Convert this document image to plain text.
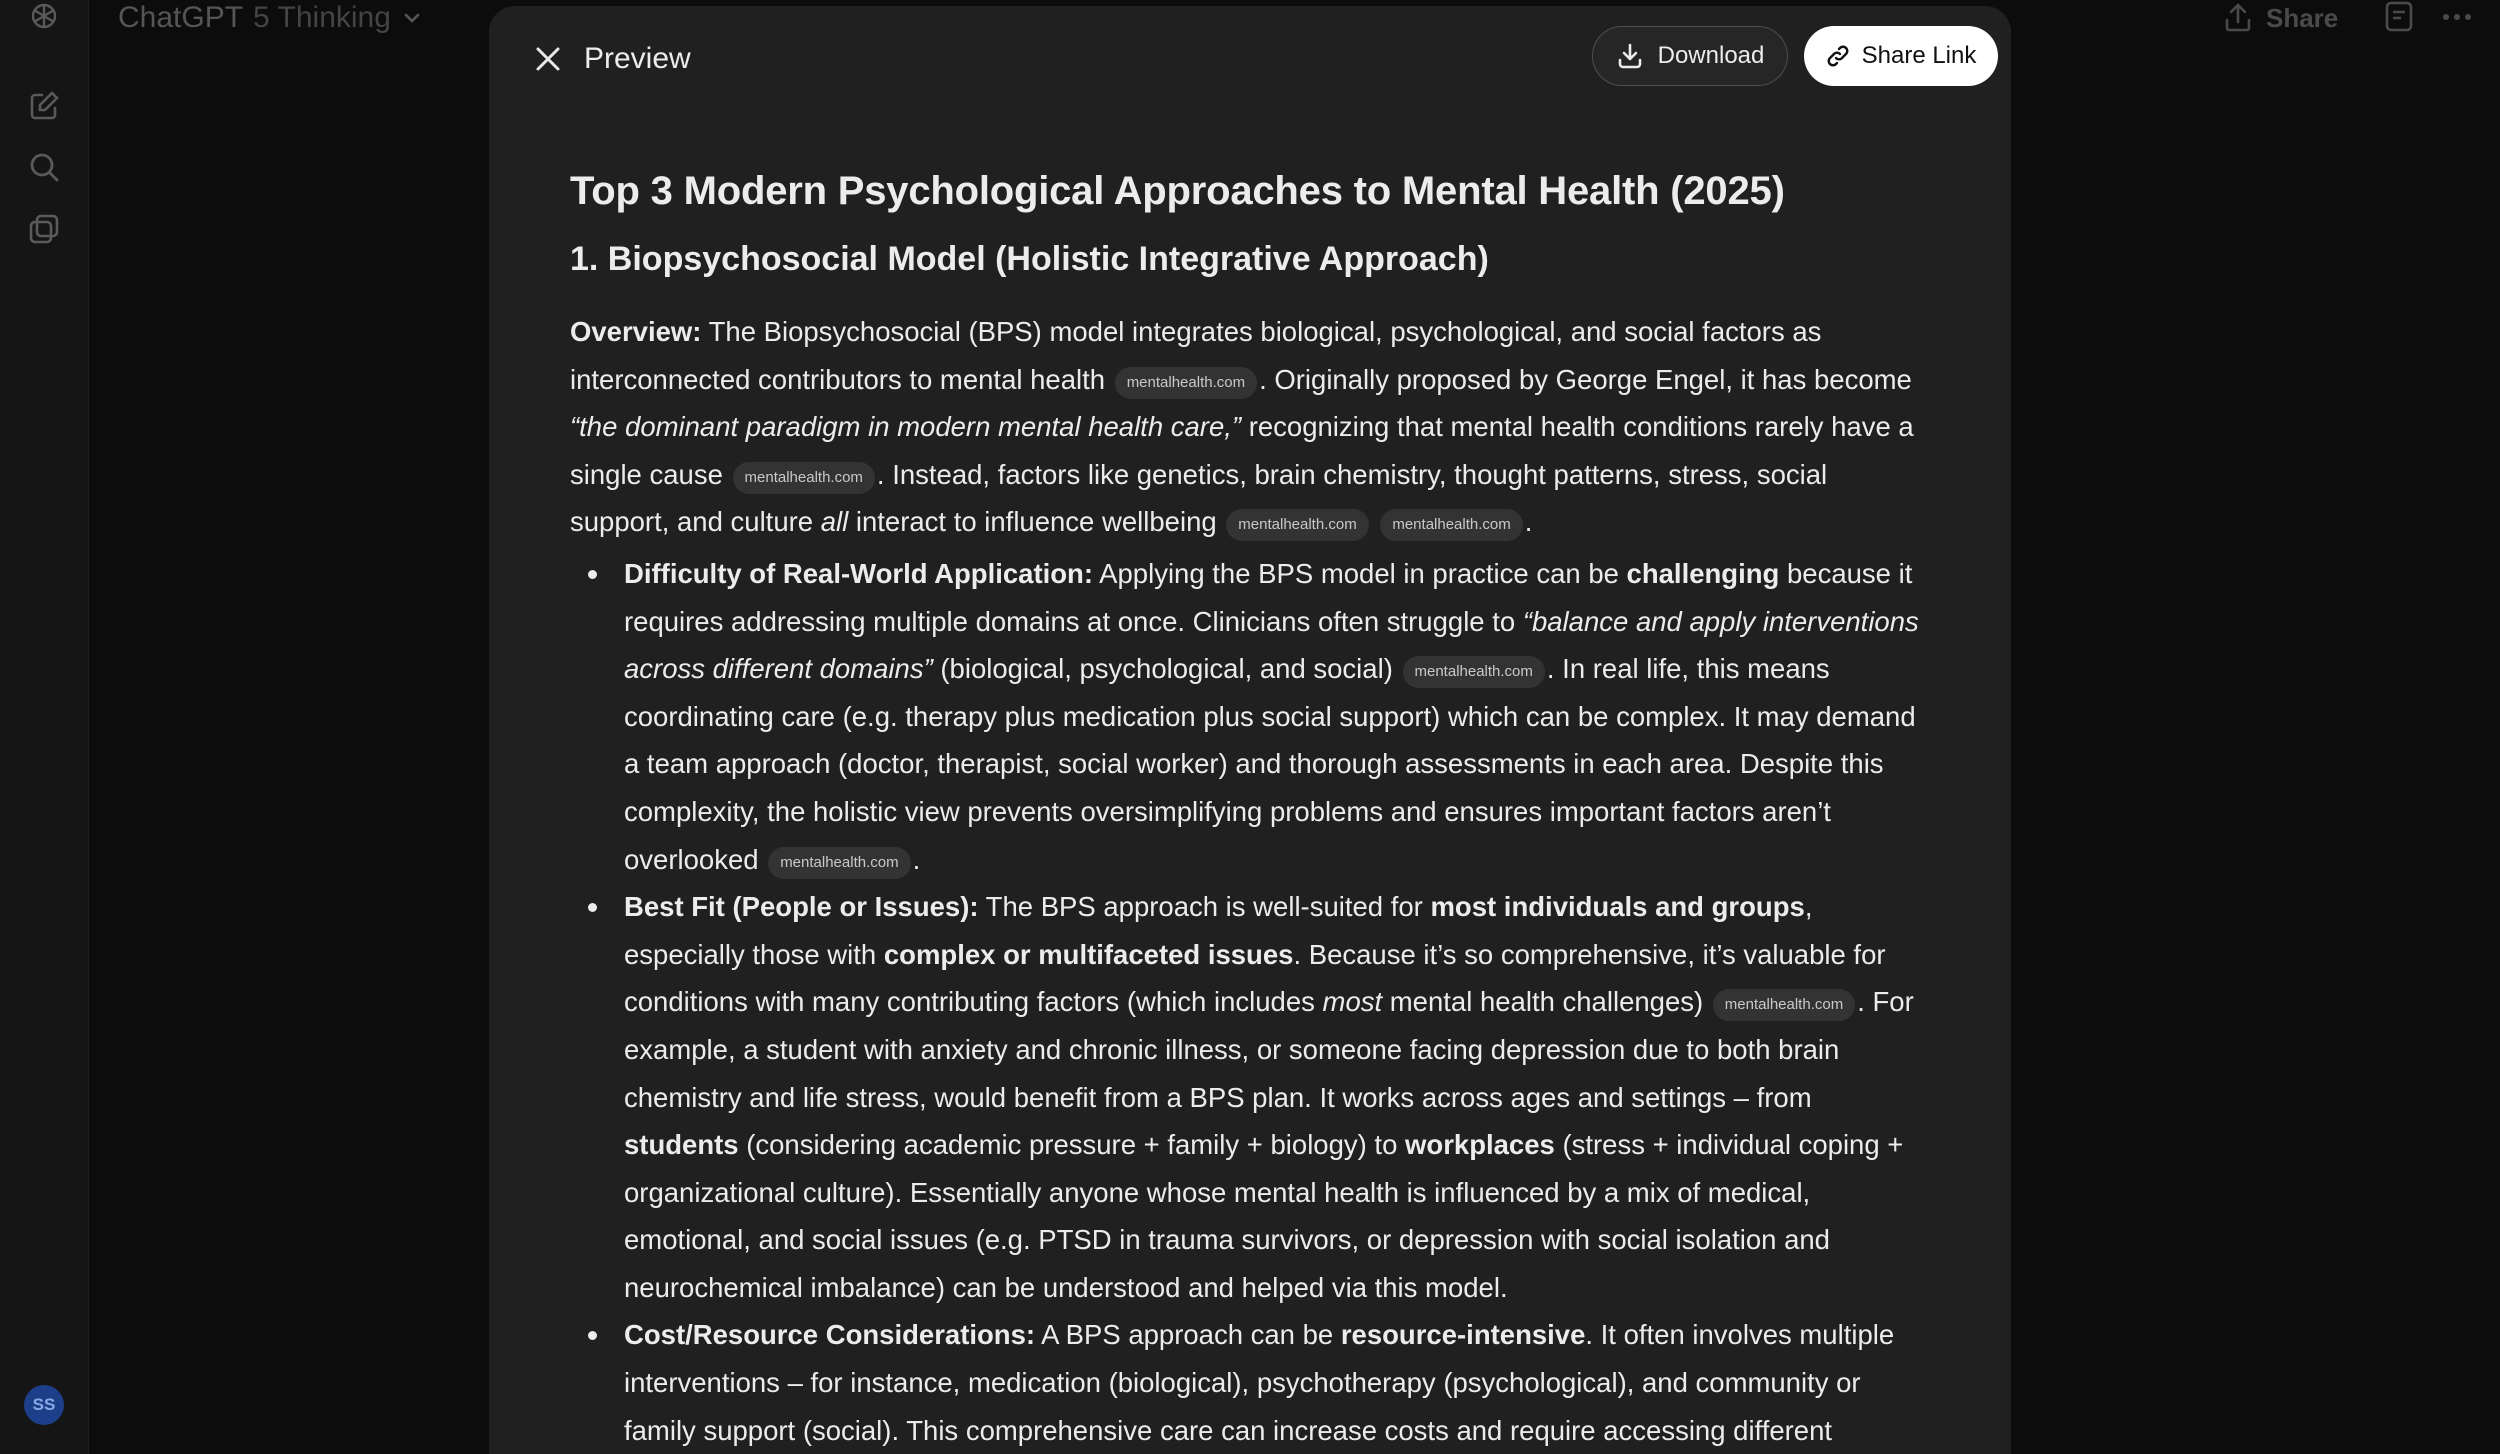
SS
ChatGPT 5 Thinking	Share
Preview	Download	Share Link
Top 3 Modern Psychological Approaches to Mental Health (2025)
1. Biopsychosocial Model (Holistic Integrative Approach)

Overview: The Biopsychosocial (BPS) model integrates biological, psychological, and social factors as interconnected contributors to mental health mentalhealth.com . Originally proposed by George Engel, it has become “the dominant paradigm in modern mental health care,” recognizing that mental health conditions rarely have a single cause mentalhealth.com . Instead, factors like genetics, brain chemistry, thought patterns, stress, social support, and culture all interact to influence wellbeing mentalhealth.com mentalhealth.com .

Difficulty of Real-World Application: Applying the BPS model in practice can be challenging because it requires addressing multiple domains at once. Clinicians often struggle to “balance and apply interventions across different domains” (biological, psychological, and social) mentalhealth.com . In real life, this means coordinating care (e.g. therapy plus medication plus social support) which can be complex. It may demand a team approach (doctor, therapist, social worker) and thorough assessments in each area. Despite this complexity, the holistic view prevents oversimplifying problems and ensures important factors aren’t overlooked mentalhealth.com .
Best Fit (People or Issues): The BPS approach is well-suited for most individuals and groups, especially those with complex or multifaceted issues. Because it’s so comprehensive, it’s valuable for conditions with many contributing factors (which includes most mental health challenges) mentalhealth.com . For example, a student with anxiety and chronic illness, or someone facing depression due to both brain chemistry and life stress, would benefit from a BPS plan. It works across ages and settings – from students (considering academic pressure + family + biology) to workplaces (stress + individual coping + organizational culture). Essentially anyone whose mental health is influenced by a mix of medical, emotional, and social issues (e.g. PTSD in trauma survivors, or depression with social isolation and neurochemical imbalance) can be understood and helped via this model.
Cost/Resource Considerations: A BPS approach can be resource-intensive. It often involves multiple interventions – for instance, medication (biological), psychotherapy (psychological), and community or family support (social). This comprehensive care can increase costs and require accessing different
